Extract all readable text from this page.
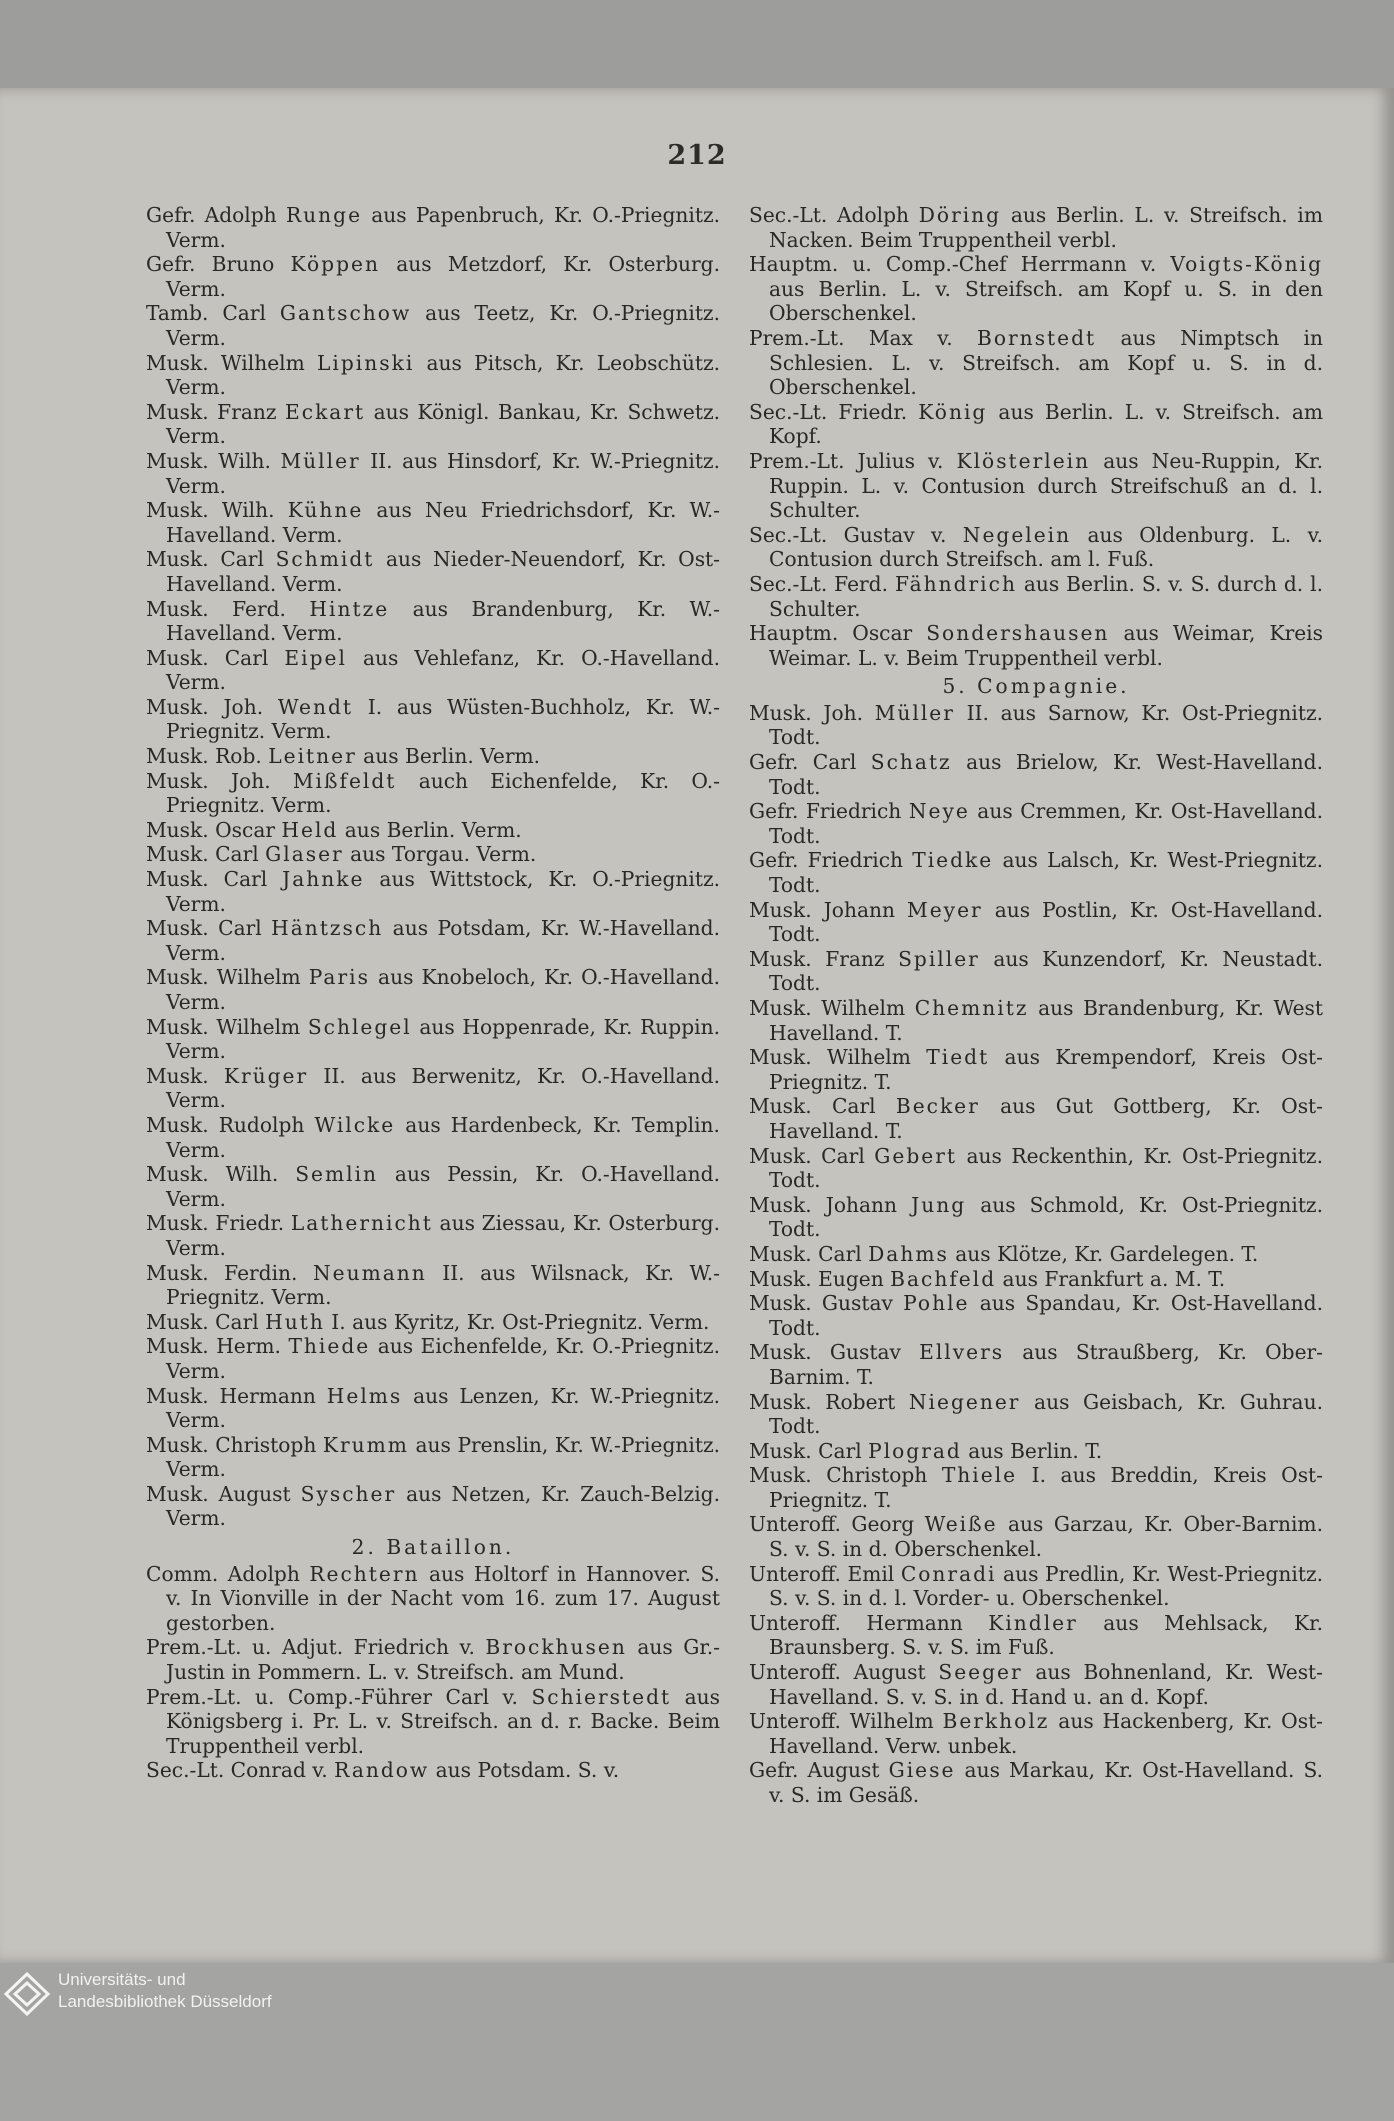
212
Gefr. Adolph Runge aus Papenbruch, Kr. O.-Priegnitz. Verm.
Gefr. Bruno Köppen aus Metzdorf, Kr. Osterburg. Verm.
Tamb. Carl Gantschow aus Teetz, Kr. O.-Priegnitz. Verm.
Musk. Wilhelm Lipinski aus Pitsch, Kr. Leobschütz. Verm.
Musk. Franz Eckart aus Königl. Bankau, Kr. Schwetz. Verm.
Musk. Wilh. Müller II. aus Hinsdorf, Kr. W.-Priegnitz. Verm.
Musk. Wilh. Kühne aus Neu Friedrichsdorf, Kr. W.-Havelland. Verm.
Musk. Carl Schmidt aus Nieder-Neuendorf, Kr. Ost-Havelland. Verm.
Musk. Ferd. Hintze aus Brandenburg, Kr. W.-Havelland. Verm.
Musk. Carl Eipel aus Vehlefanz, Kr. O.-Havelland. Verm.
Musk. Joh. Wendt I. aus Wüsten-Buchholz, Kr. W.-Priegnitz. Verm.
Musk. Rob. Leitner aus Berlin. Verm.
Musk. Joh. Mißfeldt auch Eichenfelde, Kr. O.-Priegnitz. Verm.
Musk. Oscar Held aus Berlin. Verm.
Musk. Carl Glaser aus Torgau. Verm.
Musk. Carl Jahnke aus Wittstock, Kr. O.-Priegnitz. Verm.
Musk. Carl Häntzsch aus Potsdam, Kr. W.-Havelland. Verm.
Musk. Wilhelm Paris aus Knobeloch, Kr. O.-Havelland. Verm.
Musk. Wilhelm Schlegel aus Hoppenrade, Kr. Ruppin. Verm.
Musk. Krüger II. aus Berwenitz, Kr. O.-Havelland. Verm.
Musk. Rudolph Wilcke aus Hardenbeck, Kr. Templin. Verm.
Musk. Wilh. Semlin aus Pessin, Kr. O.-Havelland. Verm.
Musk. Friedr. Lathernicht aus Ziessau, Kr. Osterburg. Verm.
Musk. Ferdin. Neumann II. aus Wilsnack, Kr. W.-Priegnitz. Verm.
Musk. Carl Huth I. aus Kyritz, Kr. Ost-Priegnitz. Verm.
Musk. Herm. Thiede aus Eichenfelde, Kr. O.-Priegnitz. Verm.
Musk. Hermann Helms aus Lenzen, Kr. W.-Priegnitz. Verm.
Musk. Christoph Krumm aus Prenslin, Kr. W.-Priegnitz. Verm.
Musk. August Syscher aus Netzen, Kr. Zauch-Belzig. Verm.
2. Bataillon.
Comm. Adolph Rechtern aus Holtorf in Hannover. S. v. In Vionville in der Nacht vom 16. zum 17. August gestorben.
Prem.-Lt. u. Adjut. Friedrich v. Brockhusen aus Gr.-Justin in Pommern. L. v. Streifsch. am Mund.
Prem.-Lt. u. Comp.-Führer Carl v. Schierstedt aus Königsberg i. Pr. L. v. Streifsch. an d. r. Backe. Beim Truppentheil verbl.
Sec.-Lt. Conrad v. Randow aus Potsdam. S. v.
Sec.-Lt. Adolph Döring aus Berlin. L. v. Streifsch. im Nacken. Beim Truppentheil verbl.
Hauptm. u. Comp.-Chef Herrmann v. Voigts-König aus Berlin. L. v. Streifsch. am Kopf u. S. in den Oberschenkel.
Prem.-Lt. Max v. Bornstedt aus Nimptsch in Schlesien. L. v. Streifsch. am Kopf u. S. in d. Oberschenkel.
Sec.-Lt. Friedr. König aus Berlin. L. v. Streifsch. am Kopf.
Prem.-Lt. Julius v. Klösterlein aus Neu-Ruppin, Kr. Ruppin. L. v. Contusion durch Streifschuß an d. l. Schulter.
Sec.-Lt. Gustav v. Negelein aus Oldenburg. L. v. Contusion durch Streifsch. am l. Fuß.
Sec.-Lt. Ferd. Fähndrich aus Berlin. S. v. S. durch d. l. Schulter.
Hauptm. Oscar Sondershausen aus Weimar, Kreis Weimar. L. v. Beim Truppentheil verbl.
5. Compagnie.
Musk. Joh. Müller II. aus Sarnow, Kr. Ost-Priegnitz. Todt.
Gefr. Carl Schatz aus Brielow, Kr. West-Havelland. Todt.
Gefr. Friedrich Neye aus Cremmen, Kr. Ost-Havelland. Todt.
Gefr. Friedrich Tiedke aus Lalsch, Kr. West-Priegnitz. Todt.
Musk. Johann Meyer aus Postlin, Kr. Ost-Havelland. Todt.
Musk. Franz Spiller aus Kunzendorf, Kr. Neustadt. Todt.
Musk. Wilhelm Chemnitz aus Brandenburg, Kr. West Havelland. T.
Musk. Wilhelm Tiedt aus Krempendorf, Kreis Ost-Priegnitz. T.
Musk. Carl Becker aus Gut Gottberg, Kr. Ost-Havelland. T.
Musk. Carl Gebert aus Reckenthin, Kr. Ost-Priegnitz. Todt.
Musk. Johann Jung aus Schmold, Kr. Ost-Priegnitz. Todt.
Musk. Carl Dahms aus Klötze, Kr. Gardelegen. T.
Musk. Eugen Bachfeld aus Frankfurt a. M. T.
Musk. Gustav Pohle aus Spandau, Kr. Ost-Havelland. Todt.
Musk. Gustav Ellvers aus Straußberg, Kr. Ober-Barnim. T.
Musk. Robert Niegener aus Geisbach, Kr. Guhrau. Todt.
Musk. Carl Plograd aus Berlin. T.
Musk. Christoph Thiele I. aus Breddin, Kreis Ost-Priegnitz. T.
Unteroff. Georg Weiße aus Garzau, Kr. Ober-Barnim. S. v. S. in d. Oberschenkel.
Unteroff. Emil Conradi aus Predlin, Kr. West-Priegnitz. S. v. S. in d. l. Vorder- u. Oberschenkel.
Unteroff. Hermann Kindler aus Mehlsack, Kr. Braunsberg. S. v. S. im Fuß.
Unteroff. August Seeger aus Bohnenland, Kr. West-Havelland. S. v. S. in d. Hand u. an d. Kopf.
Unteroff. Wilhelm Berkholz aus Hackenberg, Kr. Ost-Havelland. Verw. unbek.
Gefr. August Giese aus Markau, Kr. Ost-Havelland. S. v. S. im Gesäß.
Universitäts- und
Landesbibliothek Düsseldorf
